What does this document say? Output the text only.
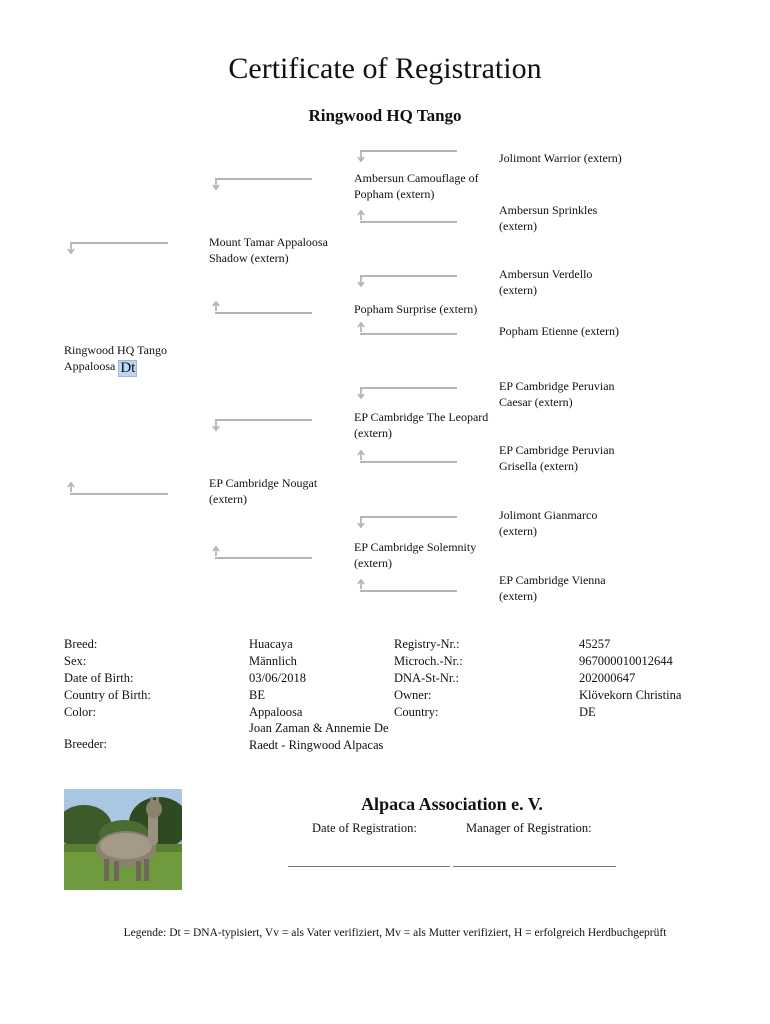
Certificate of Registration
Ringwood HQ Tango
Ringwood HQ Tango
Appaloosa Dt
Mount Tamar Appaloosa Shadow (extern)
EP Cambridge Nougat (extern)
Ambersun Camouflage of Popham (extern)
Popham Surprise (extern)
EP Cambridge The Leopard (extern)
EP Cambridge Solemnity (extern)
Jolimont Warrior (extern)
Ambersun Sprinkles (extern)
Ambersun Verdello (extern)
Popham Etienne (extern)
EP Cambridge Peruvian Caesar (extern)
EP Cambridge Peruvian Grisella (extern)
Jolimont Gianmarco (extern)
EP Cambridge Vienna (extern)
Breed:
Sex:
Date of Birth:
Country of Birth:
Color:
Breeder:
Huacaya
Männlich
03/06/2018
BE
Appaloosa
Joan Zaman & Annemie De Raedt - Ringwood Alpacas
Registry-Nr.:
Microch.-Nr.:
DNA-St-Nr.:
Owner:
Country:
45257
967000010012644
202000647
Klövekorn Christina
DE
Alpaca Association e. V.
Date of Registration:	Manager of Registration:
Legende: Dt = DNA-typisiert, Vv = als Vater verifiziert, Mv = als Mutter verifiziert, H = erfolgreich Herdbuchgeprüft
